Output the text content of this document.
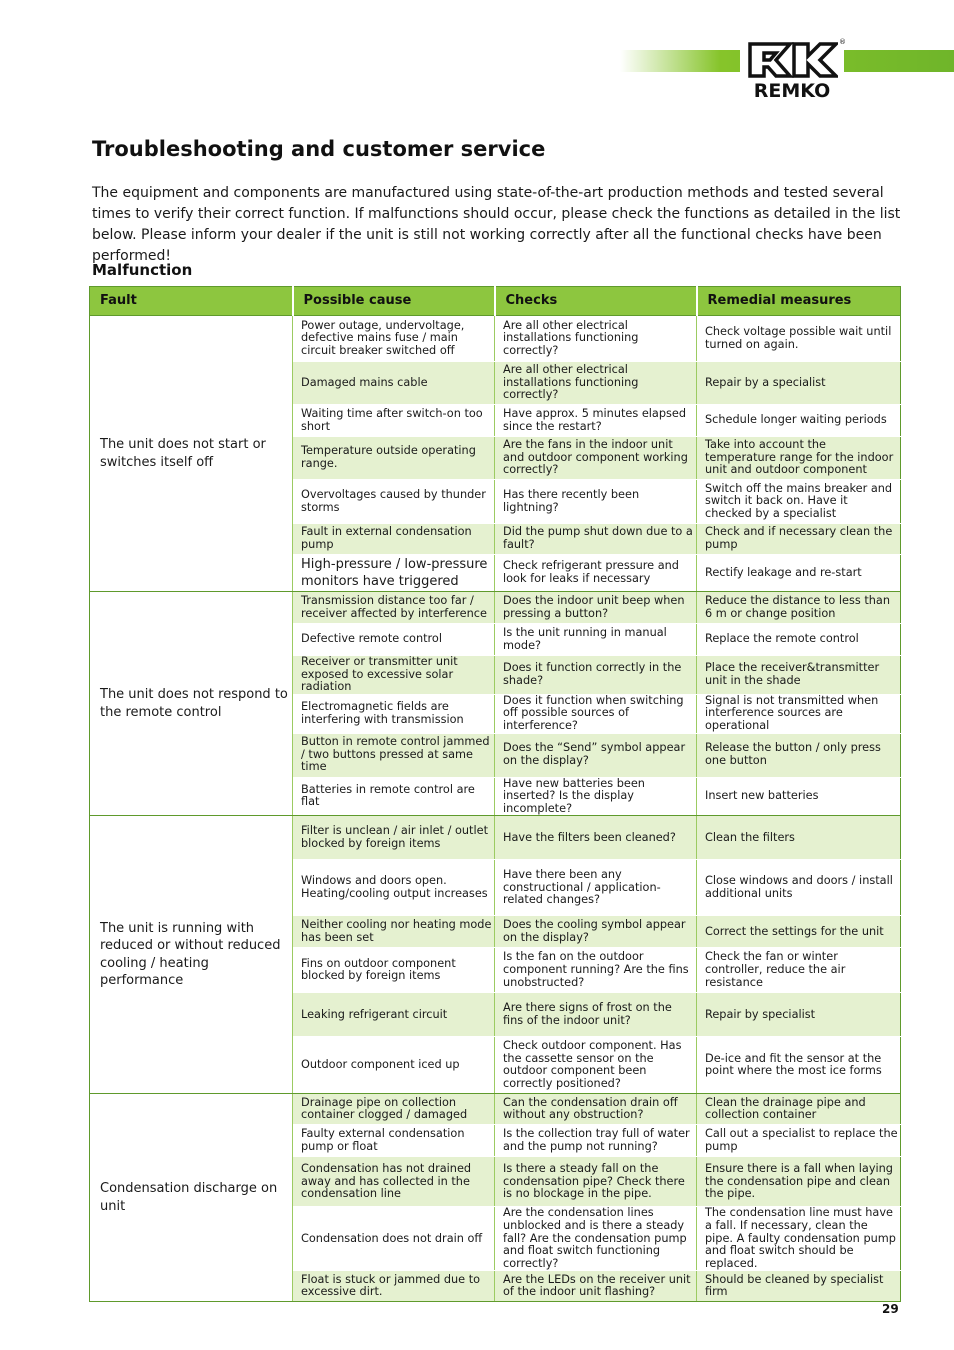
®
REMKO
Troubleshooting and customer service

The equipment and components are manufactured using state-of-the-art production methods and tested several times to verify their correct function. If malfunctions should occur, please check the functions as detailed in the list below. Please inform your dealer if the unit is still not working correctly after all the functional checks have been performed!

Malfunction
Fault	Possible cause	Checks	Remedial measures
The unit does not start or switches itself off	Power outage, undervoltage, defective mains fuse / main circuit breaker switched off	Are all other electrical installations functioning correctly?	Check voltage possible wait until turned on again.
	Damaged mains cable	Are all other electrical installations functioning correctly?	Repair by a specialist
	Waiting time after switch-on too short	Have approx. 5 minutes elapsed since the restart?	Schedule longer waiting periods
	Temperature outside operating range.	Are the fans in the indoor unit and outdoor component working correctly?	Take into account the temperature range for the indoor unit and outdoor component
	Overvoltages caused by thunder storms	Has there recently been lightning?	Switch off the mains breaker and switch it back on. Have it checked by a specialist
	Fault in external condensation pump	Did the pump shut down due to a fault?	Check and if necessary clean the pump
	High-pressure / low-pressure monitors have triggered	Check refrigerant pressure and look for leaks if necessary	Rectify leakage and re-start
The unit does not respond to the remote control	Transmission distance too far / receiver affected by interference	Does the indoor unit beep when pressing a button?	Reduce the distance to less than 6 m or change position
	Defective remote control	Is the unit running in manual mode?	Replace the remote control
	Receiver or transmitter unit exposed to excessive solar radiation	Does it function correctly in the shade?	Place the receiver&transmitter unit in the shade
	Electromagnetic fields are interfering with transmission	Does it function when switching off possible sources of interference?	Signal is not transmitted when interference sources are operational
	Button in remote control jammed / two buttons pressed at same time	Does the “Send” symbol appear on the display?	Release the button / only press one button
	Batteries in remote control are flat	Have new batteries been inserted? Is the display incomplete?	Insert new batteries
The unit is running with reduced or without reduced cooling / heating performance	Filter is unclean / air inlet / outlet blocked by foreign items	Have the filters been cleaned?	Clean the filters
	Windows and doors open. Heating/cooling output increases	Have there been any constructional / application-related changes?	Close windows and doors / install additional units
	Neither cooling nor heating mode has been set	Does the cooling symbol appear on the display?	Correct the settings for the unit
	Fins on outdoor component blocked by foreign items	Is the fan on the outdoor component running? Are the fins unobstructed?	Check the fan or winter controller, reduce the air resistance
	Leaking refrigerant circuit	Are there signs of frost on the fins of the indoor unit?	Repair by specialist
	Outdoor component iced up	Check outdoor component. Has the cassette sensor on the outdoor component been correctly positioned?	De-ice and fit the sensor at the point where the most ice forms
Condensation discharge on unit	Drainage pipe on collection container clogged / damaged	Can the condensation drain off without any obstruction?	Clean the drainage pipe and collection container
	Faulty external condensation pump or float	Is the collection tray full of water and the pump not running?	Call out a specialist to replace the pump
	Condensation has not drained away and has collected in the condensation line	Is there a steady fall on the condensation pipe? Check there is no blockage in the pipe.	Ensure there is a fall when laying the condensation pipe and clean the pipe.
	Condensation does not drain off	Are the condensation lines unblocked and is there a steady fall? Are the condensation pump and float switch functioning correctly?	The condensation line must have a fall. If necessary, clean the pipe. A faulty condensation pump and float switch should be replaced.
	Float is stuck or jammed due to excessive dirt.	Are the LEDs on the receiver unit of the indoor unit flashing?	Should be cleaned by specialist firm
29
